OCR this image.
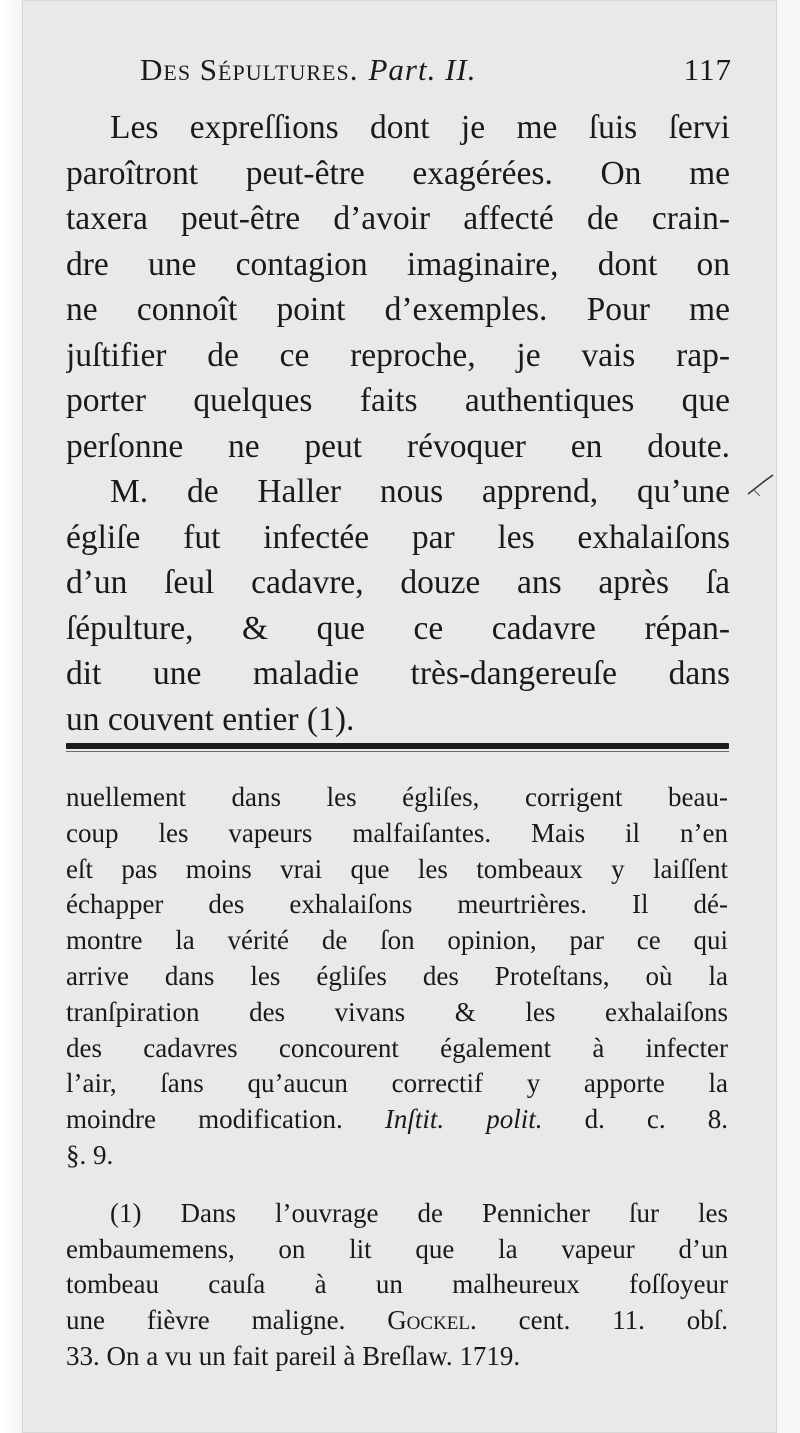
Des Sépultures. Part. II.	117
Les expreſſions dont je me ſuis ſervi
paroîtront peut-être exagérées. On me
taxera peut-être d’avoir affecté de crain-
dre une contagion imaginaire, dont on
ne connoît point d’exemples. Pour me
juſtifier de ce reproche, je vais rap-
porter quelques faits authentiques que
perſonne ne peut révoquer en doute.
M. de Haller nous apprend, qu’une
égliſe fut infectée par les exhalaiſons
d’un ſeul cadavre, douze ans après ſa
ſépulture, & que ce cadavre répan-
dit une maladie très-dangereuſe dans
un couvent entier (1).
nuellement dans les égliſes, corrigent beau-
coup les vapeurs malfaiſantes. Mais il n’en
eſt pas moins vrai que les tombeaux y laiſſent
échapper des exhalaiſons meurtrières. Il dé-
montre la vérité de ſon opinion, par ce qui
arrive dans les égliſes des Proteſtans, où la
tranſpiration des vivans & les exhalaiſons
des cadavres concourent également à infecter
l’air, ſans qu’aucun correctif y apporte la
moindre modification. Inſtit. polit. d. c. 8.
§. 9.
(1) Dans l’ouvrage de Pennicher ſur les
embaumemens, on lit que la vapeur d’un
tombeau cauſa à un malheureux foſſoyeur
une fièvre maligne. Gockel. cent. 11. obſ.
33. On a vu un fait pareil à Breſlaw. 1719.
